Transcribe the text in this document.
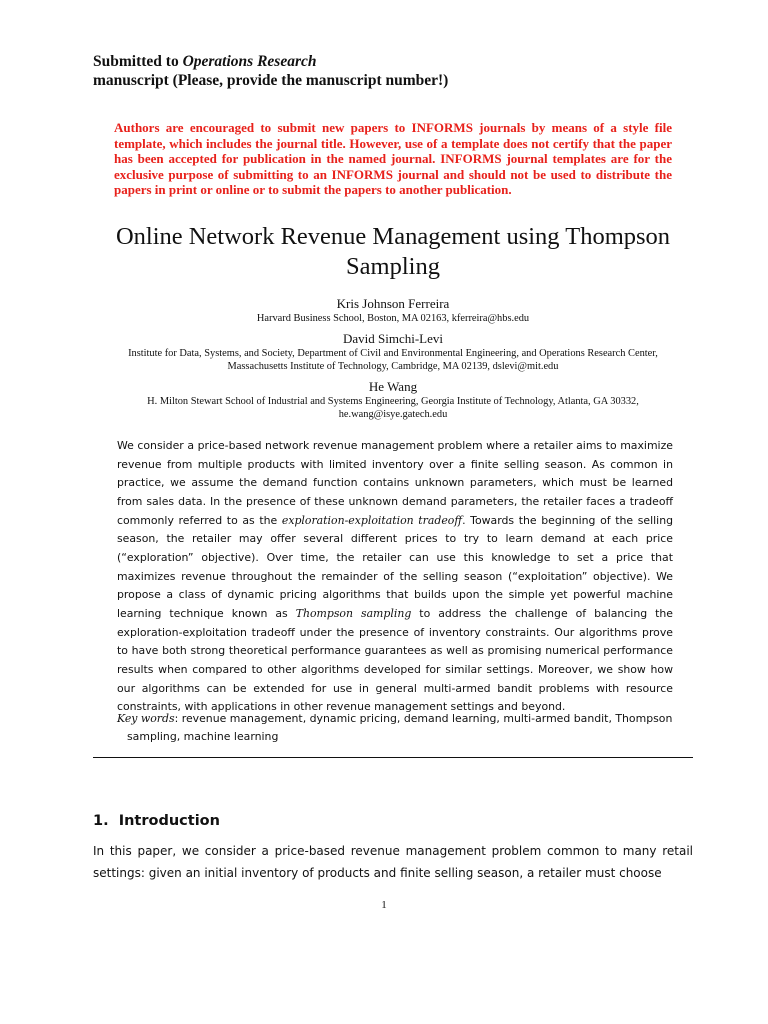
Submitted to Operations Research
manuscript (Please, provide the manuscript number!)
Authors are encouraged to submit new papers to INFORMS journals by means of a style file template, which includes the journal title. However, use of a template does not certify that the paper has been accepted for publication in the named journal. INFORMS journal templates are for the exclusive purpose of submitting to an INFORMS journal and should not be used to distribute the papers in print or online or to submit the papers to another publication.
Online Network Revenue Management using Thompson Sampling
Kris Johnson Ferreira
Harvard Business School, Boston, MA 02163, kferreira@hbs.edu
David Simchi-Levi
Institute for Data, Systems, and Society, Department of Civil and Environmental Engineering, and Operations Research Center, Massachusetts Institute of Technology, Cambridge, MA 02139, dslevi@mit.edu
He Wang
H. Milton Stewart School of Industrial and Systems Engineering, Georgia Institute of Technology, Atlanta, GA 30332, he.wang@isye.gatech.edu

We consider a price-based network revenue management problem where a retailer aims to maximize revenue from multiple products with limited inventory over a finite selling season. As common in practice, we assume the demand function contains unknown parameters, which must be learned from sales data. In the presence of these unknown demand parameters, the retailer faces a tradeoff commonly referred to as the exploration-exploitation tradeoff. Towards the beginning of the selling season, the retailer may offer several different prices to try to learn demand at each price (“exploration” objective). Over time, the retailer can use this knowledge to set a price that maximizes revenue throughout the remainder of the selling season (“exploitation” objective). We propose a class of dynamic pricing algorithms that builds upon the simple yet powerful machine learning technique known as Thompson sampling to address the challenge of balancing the exploration-exploitation tradeoff under the presence of inventory constraints. Our algorithms prove to have both strong theoretical performance guarantees as well as promising numerical performance results when compared to other algorithms developed for similar settings. Moreover, we show how our algorithms can be extended for use in general multi-armed bandit problems with resource constraints, with applications in other revenue management settings and beyond.

Key words: revenue management, dynamic pricing, demand learning, multi-armed bandit, Thompson sampling, machine learning
1. Introduction
In this paper, we consider a price-based revenue management problem common to many retail settings: given an initial inventory of products and finite selling season, a retailer must choose
1
